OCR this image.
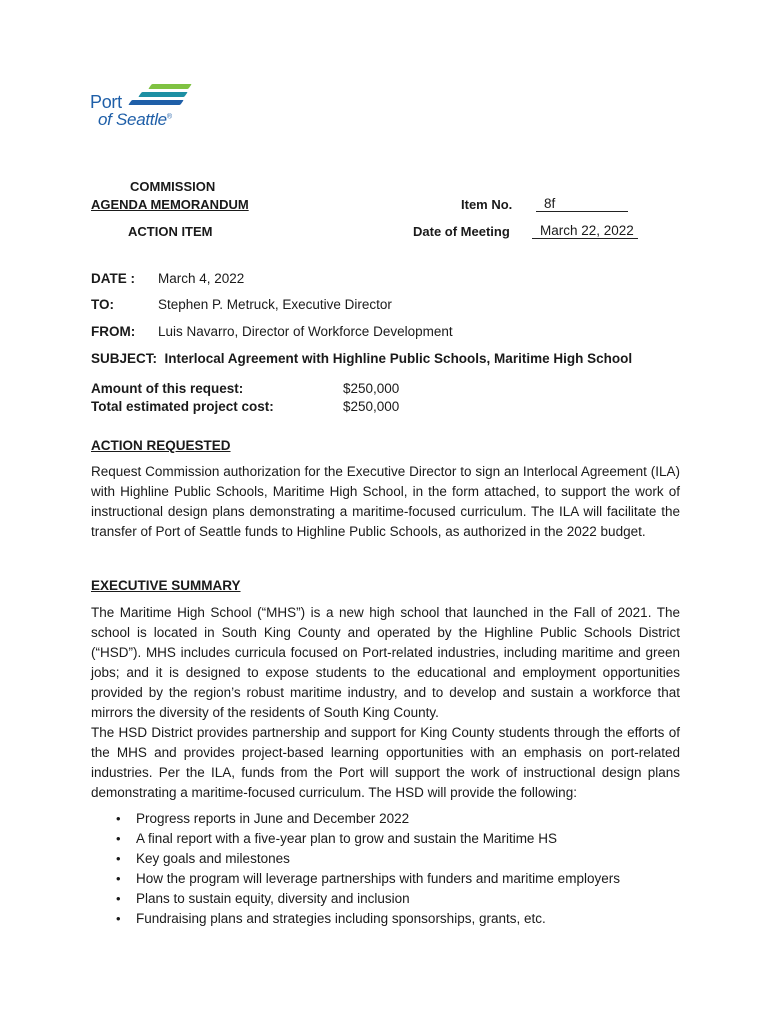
Port
of Seattle®
COMMISSION
AGENDA MEMORANDUM
ACTION ITEM
Item No.	8f
Date of Meeting	March 22, 2022
DATE : March 4, 2022
TO:	Stephen P. Metruck, Executive Director
FROM: Luis Navarro, Director of Workforce Development
SUBJECT:  Interlocal Agreement with Highline Public Schools, Maritime High School
Amount of this request:	$250,000
Total estimated project cost:	$250,000
ACTION REQUESTED
Request Commission authorization for the Executive Director to sign an Interlocal Agreement (ILA) with Highline Public Schools, Maritime High School, in the form attached, to support the work of instructional design plans demonstrating a maritime-focused curriculum. The ILA will facilitate the transfer of Port of Seattle funds to Highline Public Schools, as authorized in the 2022 budget.
EXECUTIVE SUMMARY
The Maritime High School (“MHS”) is a new high school that launched in the Fall of 2021. The school is located in South King County and operated by the Highline Public Schools District (“HSD”). MHS includes curricula focused on Port-related industries, including maritime and green jobs; and it is designed to expose students to the educational and employment opportunities provided by the region’s robust maritime industry, and to develop and sustain a workforce that mirrors the diversity of the residents of South King County.
The HSD District provides partnership and support for King County students through the efforts of the MHS and provides project-based learning opportunities with an emphasis on port-related industries. Per the ILA, funds from the Port will support the work of instructional design plans demonstrating a maritime-focused curriculum. The HSD will provide the following:
• Progress reports in June and December 2022
• A final report with a five-year plan to grow and sustain the Maritime HS
• Key goals and milestones
• How the program will leverage partnerships with funders and maritime employers
• Plans to sustain equity, diversity and inclusion
• Fundraising plans and strategies including sponsorships, grants, etc.
